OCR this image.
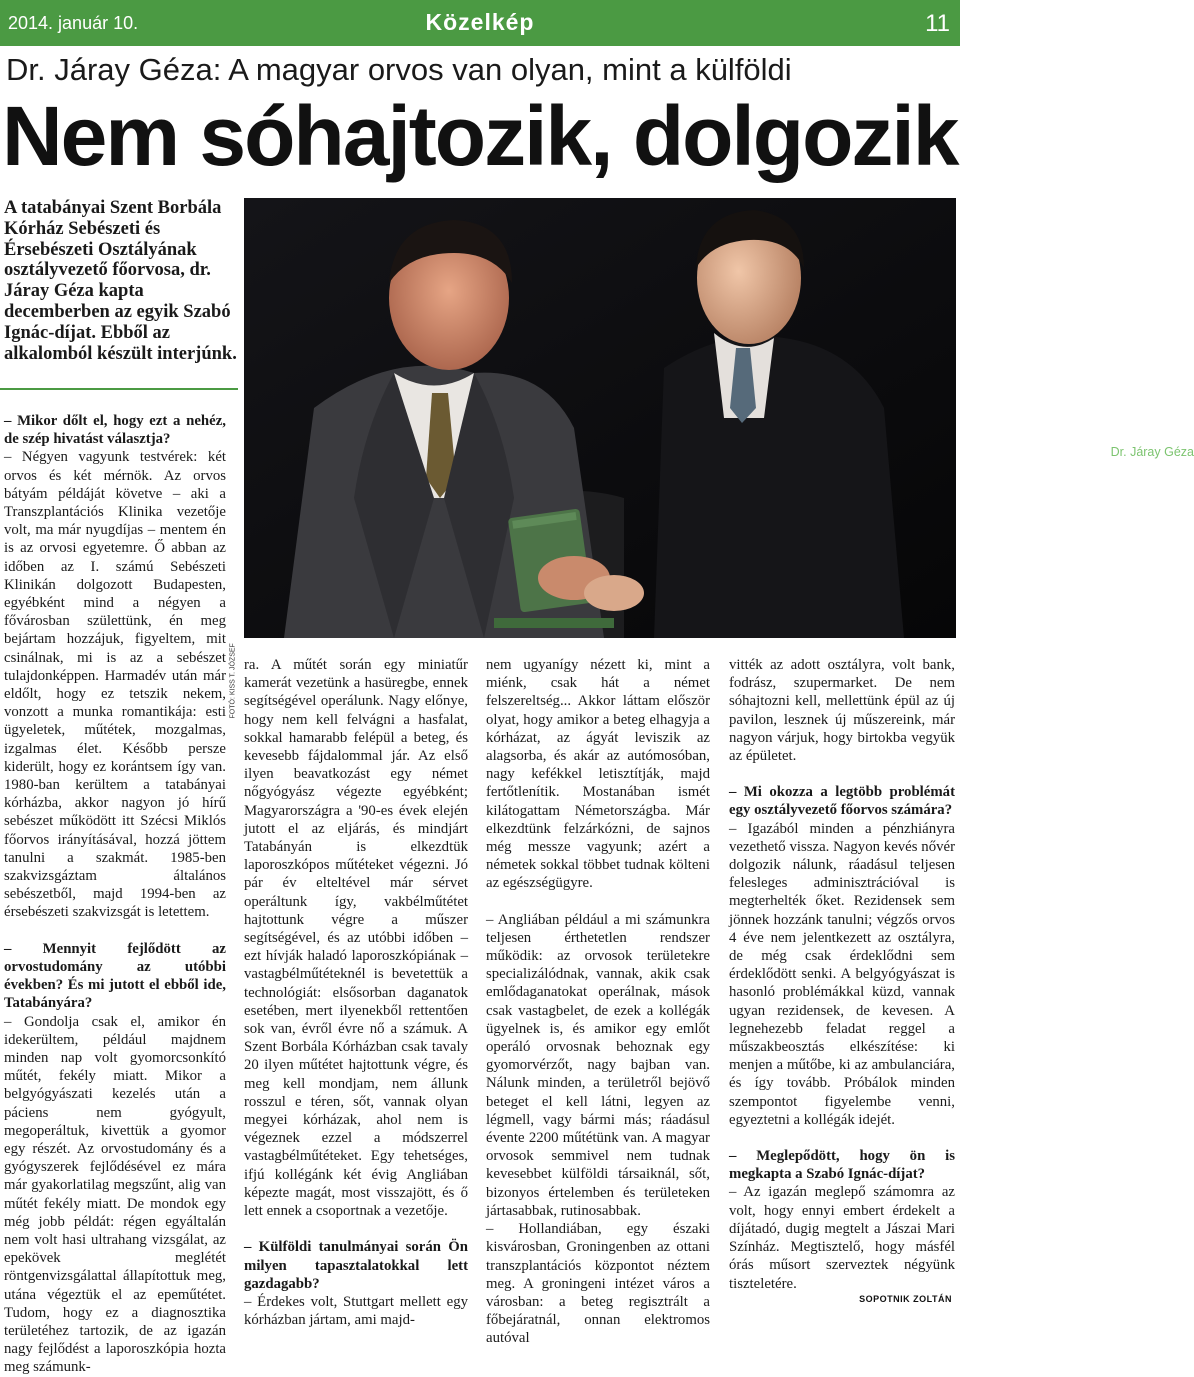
2014. január 10.	Közelkép	11
Dr. Járay Géza: A magyar orvos van olyan, mint a külföldi
Nem sóhajtozik, dolgozik
A tatabányai Szent Borbála Kórház Sebészeti és Érsebészeti Osztályának osztályvezető főorvosa, dr. Járay Géza kapta decemberben az egyik Szabó Ignác-díjat. Ebből az alkalomból készült interjúnk.
Dr. Járay Géza
átveszi a Szabó Ignác-díjat Schmidt Csaba polgármestertől
FOTÓ: KISS T. JÓZSEF

– Mikor dőlt el, hogy ezt a nehéz, de szép hivatást választja?

– Négyen vagyunk testvérek: két orvos és két mérnök. Az orvos bátyám példáját követve – aki a Transzplantációs Klinika vezetője volt, ma már nyugdíjas – mentem én is az orvosi egyetemre. Ő abban az időben az I. számú Sebészeti Klinikán dolgozott Budapesten, egyébként mind a négyen a fővárosban születtünk, én meg bejártam hozzájuk, figyeltem, mit csinálnak, mi is az a sebészet tulajdonképpen. Harmadév után már eldőlt, hogy ez tetszik nekem, vonzott a munka romantikája: esti ügyeletek, műtétek, mozgalmas, izgalmas élet. Később persze kiderült, hogy ez korántsem így van. 1980-ban kerültem a tatabányai kórházba, akkor nagyon jó hírű sebészet működött itt Szécsi Miklós főorvos irányításával, hozzá jöttem tanulni a szakmát. 1985-ben szakvizsgáztam általános sebészetből, majd 1994-ben az érsebészeti szakvizsgát is letettem.

– Mennyit fejlődött az orvostudomány az utóbbi években? És mi jutott el ebből ide, Tatabányára?

– Gondolja csak el, amikor én idekerültem, például majdnem minden nap volt gyomorcsonkító műtét, fekély miatt. Mikor a belgyógyászati kezelés után a páciens nem gyógyult, megoperáltuk, kivettük a gyomor egy részét. Az orvostudomány és a gyógyszerek fejlődésével ez mára már gyakorlatilag megszűnt, alig van műtét fekély miatt. De mondok egy még jobb példát: régen egyáltalán nem volt hasi ultrahang vizsgálat, az epekövek meglétét röntgenvizsgálattal állapítottuk meg, utána végeztük el az epeműtétet. Tudom, hogy ez a diagnosztika területéhez tartozik, de az igazán nagy fejlődést a laporoszkópia hozta meg számunk-

ra. A műtét során egy miniatűr kamerát vezetünk a hasüregbe, ennek segítségével operálunk. Nagy előnye, hogy nem kell felvágni a hasfalat, sokkal hamarabb felépül a beteg, és kevesebb fájdalommal jár. Az első ilyen beavatkozást egy német nőgyógyász végezte egyébként; Magyarországra a '90-es évek elején jutott el az eljárás, és mindjárt Tatabányán is elkezdtük laporoszkópos műtéteket végezni. Jó pár év elteltével már sérvet operáltunk így, vakbélműtétet hajtottunk végre a műszer segítségével, és az utóbbi időben – ezt hívják haladó laporoszkópiának – vastagbélműtéteknél is bevetettük a technológiát: elsősorban daganatok esetében, mert ilyenekből rettentően sok van, évről évre nő a számuk. A Szent Borbála Kórházban csak tavaly 20 ilyen műtétet hajtottunk végre, és meg kell mondjam, nem állunk rosszul e téren, sőt, vannak olyan megyei kórházak, ahol nem is végeznek ezzel a módszerrel vastagbélműtéteket. Egy tehetséges, ifjú kollégánk két évig Angliában képezte magát, most visszajött, és ő lett ennek a csoportnak a vezetője.

– Külföldi tanulmányai során Ön milyen tapasztalatokkal lett gazdagabb?

– Érdekes volt, Stuttgart mellett egy kórházban jártam, ami majd-

nem ugyanígy nézett ki, mint a miénk, csak hát a német felszereltség... Akkor láttam először olyat, hogy amikor a beteg elhagyja a kórházat, az ágyát leviszik az alagsorba, és akár az autómosóban, nagy kefékkel letisztítják, majd fertőtlenítik. Mostanában ismét kilátogattam Németországba. Már elkezdtünk felzárkózni, de sajnos még messze vagyunk; azért a németek sokkal többet tudnak költeni az egészségügyre.

– Angliában például a mi számunkra teljesen érthetetlen rendszer működik: az orvosok területekre specializálódnak, vannak, akik csak emlődaganatokat operálnak, mások csak vastagbelet, de ezek a kollégák ügyelnek is, és amikor egy emlőt operáló orvosnak behoznak egy gyomorvérzőt, nagy bajban van. Nálunk minden, a területről bejövő beteget el kell látni, legyen az légmell, vagy bármi más; ráadásul évente 2200 műtétünk van. A magyar orvosok semmivel nem tudnak kevesebbet külföldi társaiknál, sőt, bizonyos értelemben és területeken jártasabbak, rutinosabbak.

– Hollandiában, egy északi kisvárosban, Groningenben az ottani transzplantációs központot néztem meg. A groningeni intézet város a városban: a beteg regisztrált a főbejáratnál, onnan elektromos autóval

vitték az adott osztályra, volt bank, fodrász, szupermarket. De nem sóhajtozni kell, mellettünk épül az új pavilon, lesznek új műszereink, már nagyon várjuk, hogy birtokba vegyük az épületet.

– Mi okozza a legtöbb problémát egy osztályvezető főorvos számára?

– Igazából minden a pénzhiányra vezethető vissza. Nagyon kevés nővér dolgozik nálunk, ráadásul teljesen felesleges adminisztrációval is megterhelték őket. Rezidensek sem jönnek hozzánk tanulni; végzős orvos 4 éve nem jelentkezett az osztályra, de még csak érdeklődni sem érdeklődött senki. A belgyógyászat is hasonló problémákkal küzd, vannak ugyan rezidensek, de kevesen. A legnehezebb feladat reggel a műszakbeosztás elkészítése: ki menjen a műtőbe, ki az ambulanciára, és így tovább. Próbálok minden szempontot figyelembe venni, egyeztetni a kollégák idejét.

– Meglepődött, hogy ön is megkapta a Szabó Ignác-díjat?

– Az igazán meglepő számomra az volt, hogy ennyi embert érdekelt a díjátadó, dugig megtelt a Jászai Mari Színház. Megtisztelő, hogy másfél órás műsort szerveztek négyünk tiszteletére.

SOPOTNIK ZOLTÁN
